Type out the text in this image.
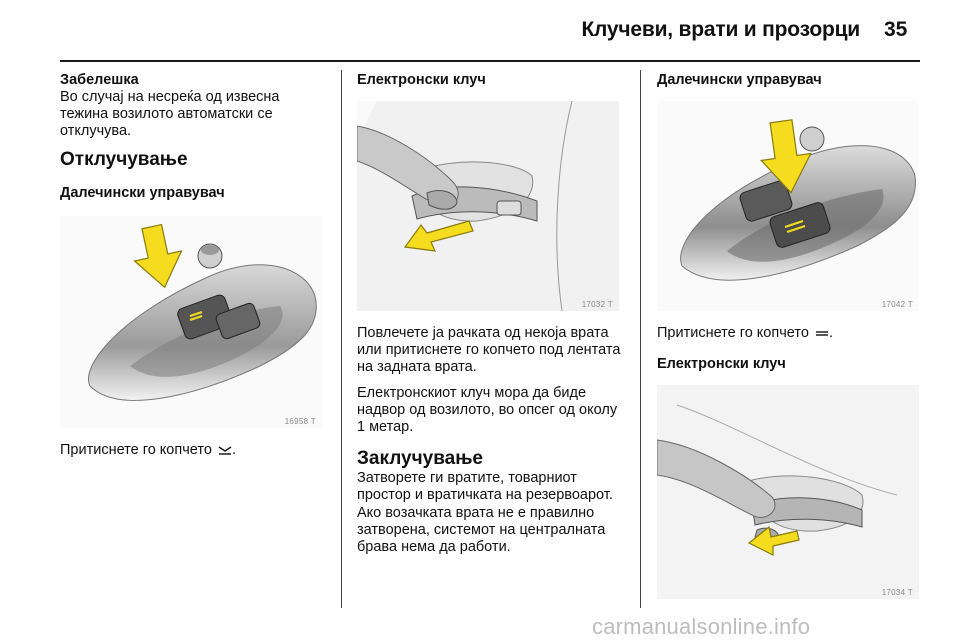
Клучеви, врати и прозорци 35

Забелешка

Во случај на несреќа од извесна тежина возилото автоматски се отклучува.

Отклучување

Далечински управувач

16958 T

Притиснете го копчето .

Електронски клуч

17032 T

Повлечете ја рачката од некоја врата или притиснете го копчето под лентата на задната врата.

Електронскиот клуч мора да биде надвор од возилото, во опсег од околу 1 метар.

Заклучување

Затворете ги вратите, товарниот простор и вратичката на резервоарот. Ако возачката врата не е правилно затворена, системот на централната брава нема да работи.

Далечински управувач

17042 T

Притиснете го копчето .

Електронски клуч

17034 T
carmanualsonline.info
